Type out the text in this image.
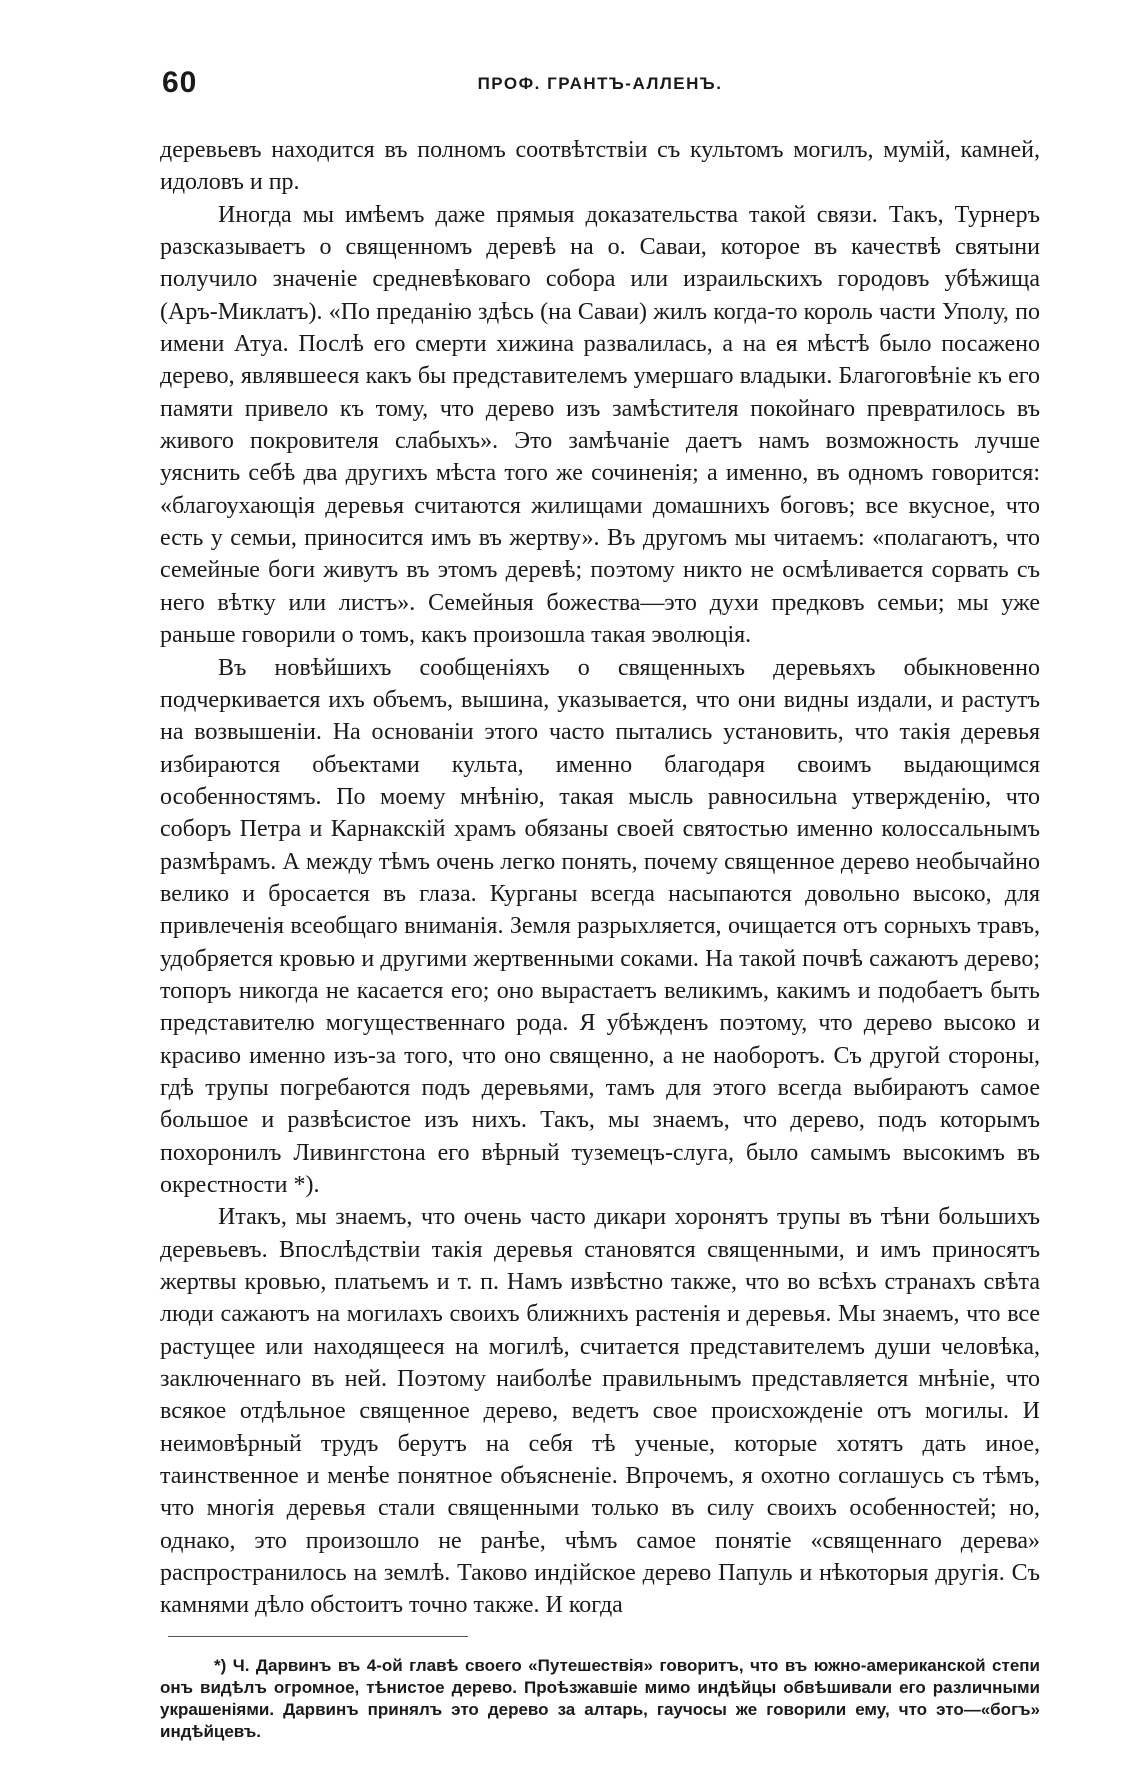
60	ПРОФ. ГРАНТЪ-АЛЛЕНЪ.

деревьевъ находится въ полномъ соотвѣтствіи съ культомъ могилъ, мумій, камней, идоловъ и пр.

Иногда мы имѣемъ даже прямыя доказательства такой связи. Такъ, Турнеръ разсказываетъ о священномъ деревѣ на о. Саваи, которое въ качествѣ святыни получило значеніе средневѣковаго собора или израильскихъ городовъ убѣжища (Аръ-Миклатъ). «По преданію здѣсь (на Саваи) жилъ когда-то король части Уполу, по имени Атуа. Послѣ его смерти хижина развалилась, а на ея мѣстѣ было посажено дерево, являвшееся какъ бы представителемъ умершаго владыки. Благоговѣніе къ его памяти привело къ тому, что дерево изъ замѣстителя покойнаго превратилось въ живого покровителя слабыхъ». Это замѣчаніе даетъ намъ возможность лучше уяснить себѣ два другихъ мѣста того же сочиненія; а именно, въ одномъ говорится: «благоухающія деревья считаются жилищами домашнихъ боговъ; все вкусное, что есть у семьи, приносится имъ въ жертву». Въ другомъ мы читаемъ: «полагаютъ, что семейные боги живутъ въ этомъ деревѣ; поэтому никто не осмѣливается сорвать съ него вѣтку или листъ». Семейныя божества—это духи предковъ семьи; мы уже раньше говорили о томъ, какъ произошла такая эволюція.

Въ новѣйшихъ сообщеніяхъ о священныхъ деревьяхъ обыкновенно подчеркивается ихъ объемъ, вышина, указывается, что они видны издали, и растутъ на возвышеніи. На основаніи этого часто пытались установить, что такія деревья избираются объектами культа, именно благодаря своимъ выдающимся особенностямъ. По моему мнѣнію, такая мысль равносильна утвержденію, что соборъ Петра и Карнакскій храмъ обязаны своей святостью именно колоссальнымъ размѣрамъ. А между тѣмъ очень легко понять, почему священное дерево необычайно велико и бросается въ глаза. Курганы всегда насыпаются довольно высоко, для привлеченія всеобщаго вниманія. Земля разрыхляется, очищается отъ сорныхъ травъ, удобряется кровью и другими жертвенными соками. На такой почвѣ сажаютъ дерево; топоръ никогда не касается его; оно вырастаетъ великимъ, какимъ и подобаетъ быть представителю могущественнаго рода. Я убѣжденъ поэтому, что дерево высоко и красиво именно изъ-за того, что оно священно, а не наоборотъ. Съ другой стороны, гдѣ трупы погребаются подъ деревьями, тамъ для этого всегда выбираютъ самое большое и развѣсистое изъ нихъ. Такъ, мы знаемъ, что дерево, подъ которымъ похоронилъ Ливингстона его вѣрный туземецъ-слуга, было самымъ высокимъ въ окрестности *).

Итакъ, мы знаемъ, что очень часто дикари хоронятъ трупы въ тѣни большихъ деревьевъ. Впослѣдствіи такія деревья становятся священными, и имъ приносятъ жертвы кровью, платьемъ и т. п. Намъ извѣстно также, что во всѣхъ странахъ свѣта люди сажаютъ на могилахъ своихъ ближнихъ растенія и деревья. Мы знаемъ, что все растущее или находящееся на могилѣ, считается представителемъ души человѣка, заключеннаго въ ней. Поэтому наиболѣе правильнымъ представляется мнѣніе, что всякое отдѣльное священное дерево, ведетъ свое происхожденіе отъ могилы. И неимовѣрный трудъ берутъ на себя тѣ ученые, которые хотятъ дать иное, таинственное и менѣе понятное объясненіе. Впрочемъ, я охотно соглашусь съ тѣмъ, что многія деревья стали священными только въ силу своихъ особенностей; но, однако, это произошло не ранѣе, чѣмъ самое понятіе «священнаго дерева» распространилось на землѣ. Таково индійское дерево Папуль и нѣкоторыя другія. Съ камнями дѣло обстоитъ точно также. И когда

*) Ч. Дарвинъ въ 4-ой главѣ своего «Путешествія» говоритъ, что въ южно-американской степи онъ видѣлъ огромное, тѣнистое дерево. Проѣзжавшіе мимо индѣйцы обвѣшивали его различными украшеніями. Дарвинъ принялъ это дерево за алтарь, гаучосы же говорили ему, что это—«богъ» индѣйцевъ.
